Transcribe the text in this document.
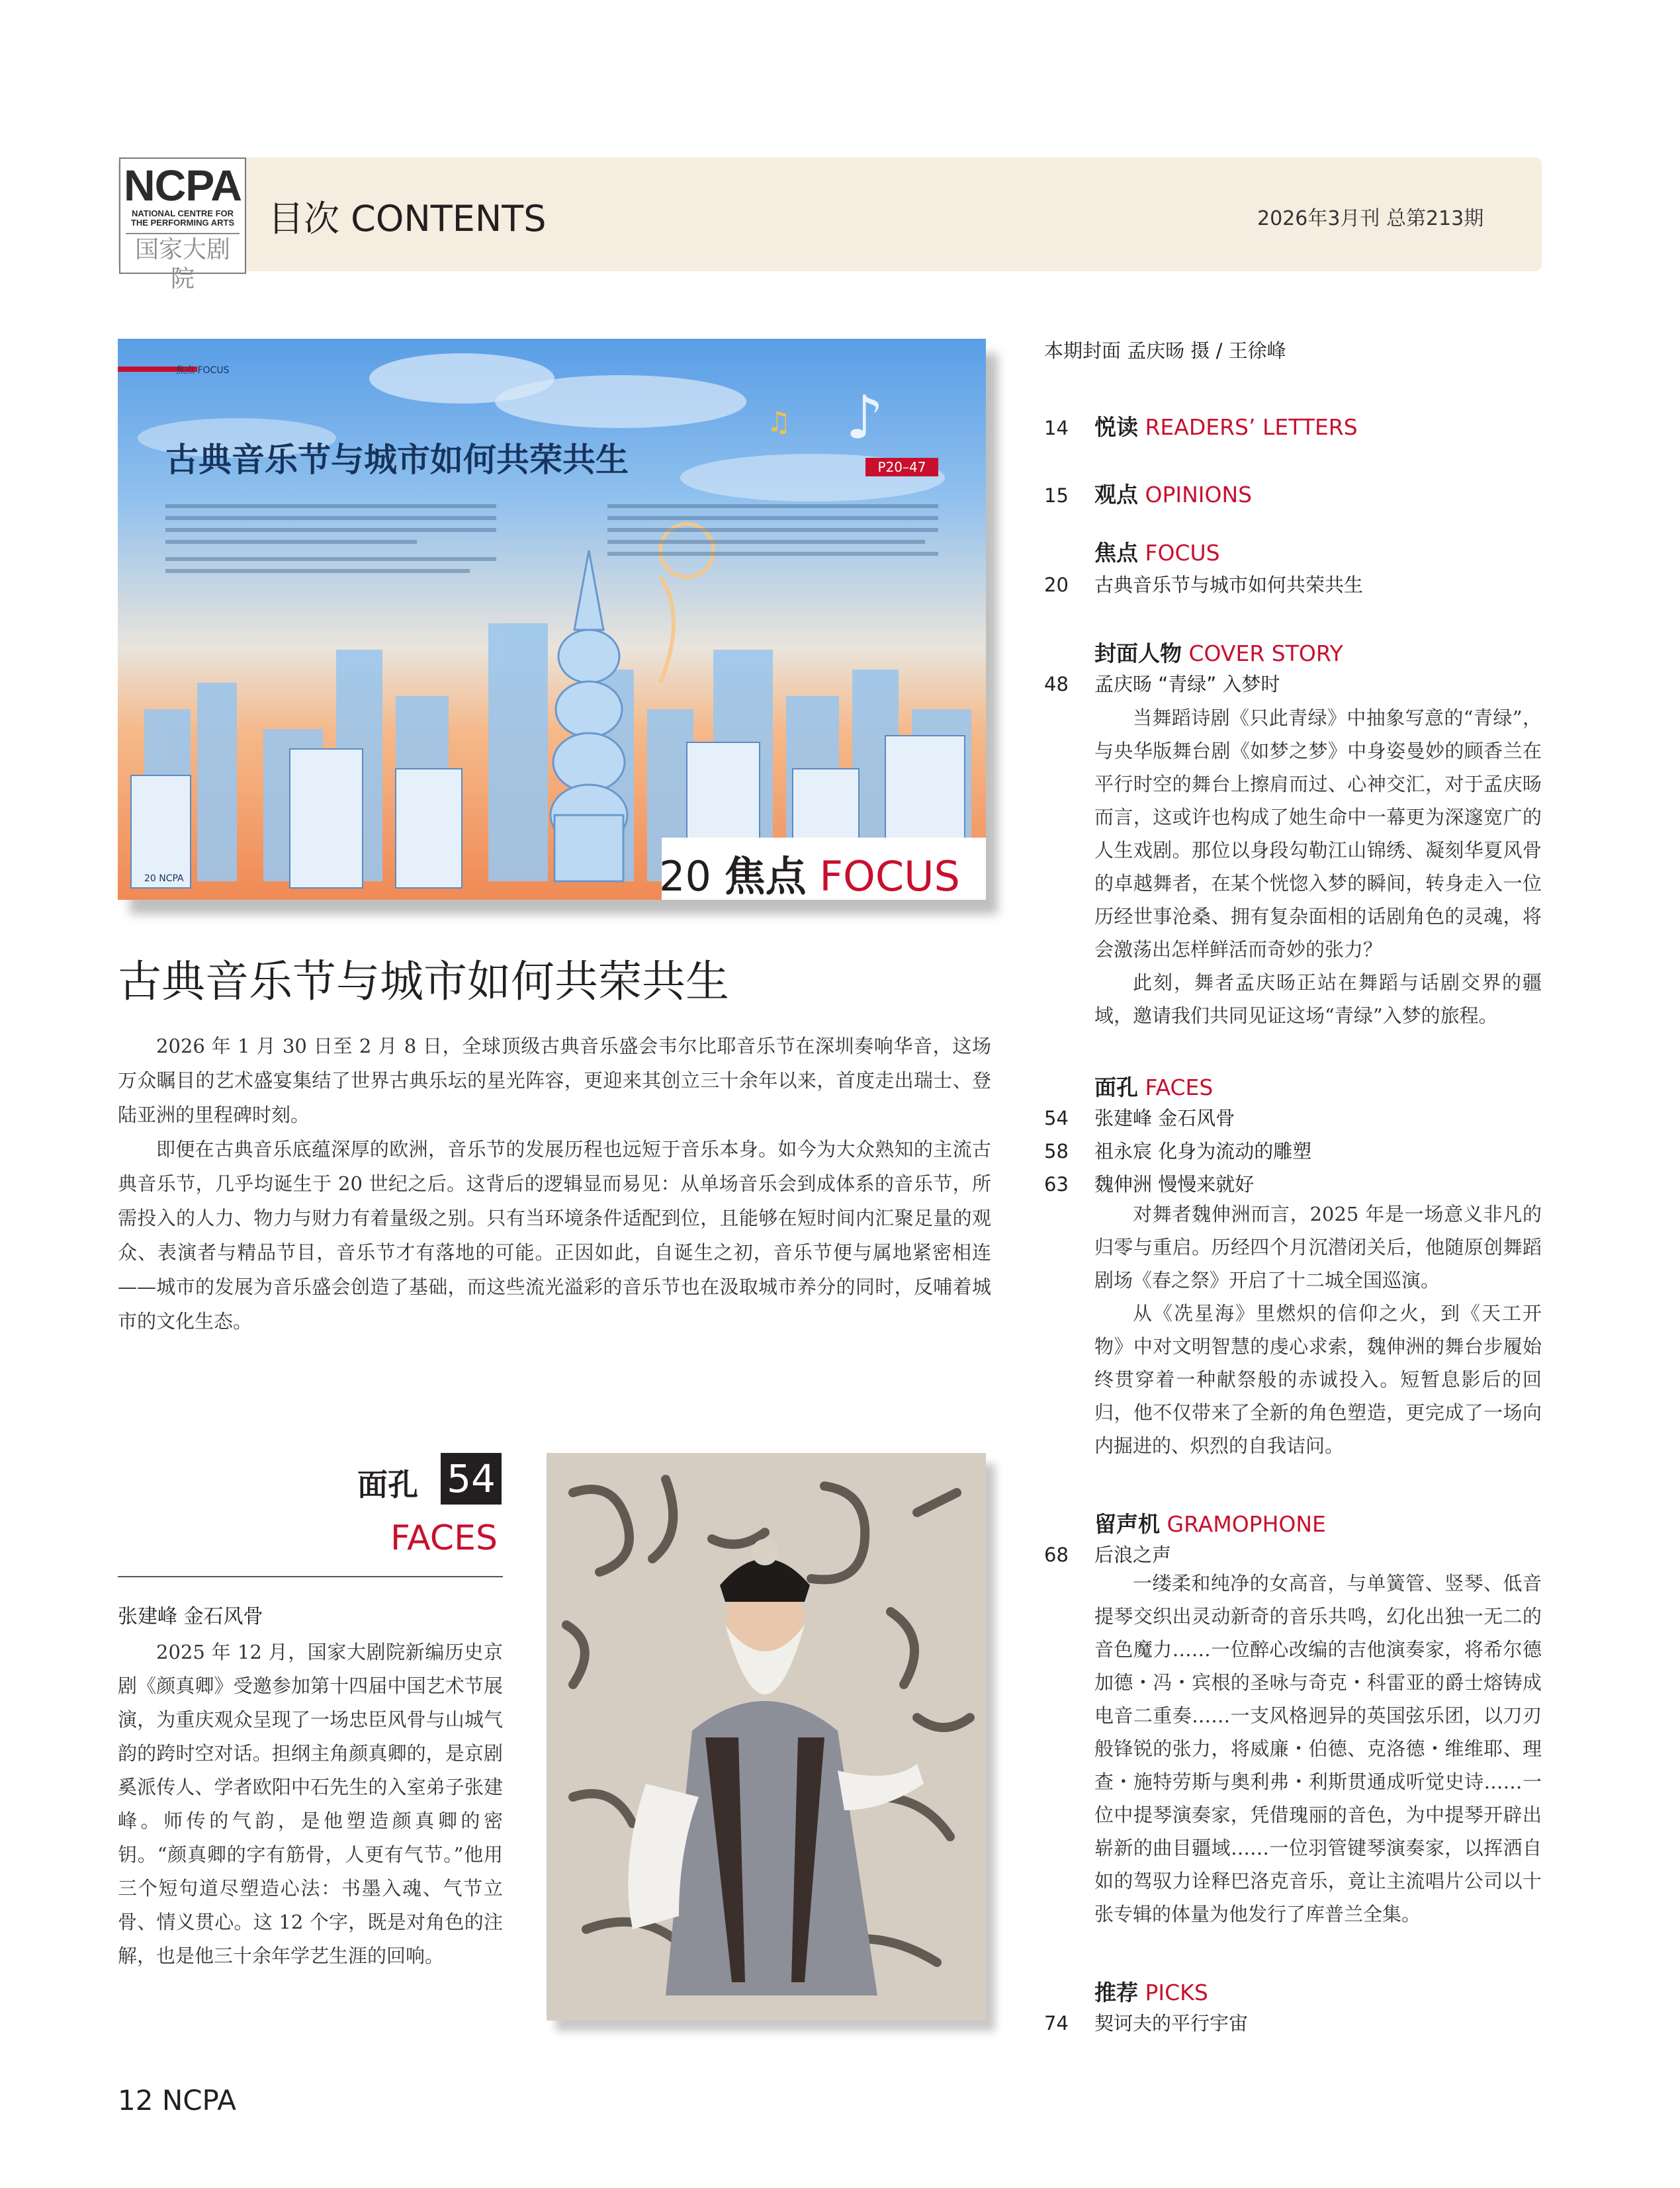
NCPA
NATIONAL CENTRE FOR
THE PERFORMING ARTS
国家大剧院
目次 CONTENTS	2026年3月刊 总第213期
♪
♫
古典音乐节与城市如何共荣共生	P20–47
焦点 FOCUS
20 NCPA	20 焦点 FOCUS
古典音乐节与城市如何共荣共生

2026 年 1 月 30 日至 2 月 8 日，全球顶级古典音乐盛会韦尔比耶音乐节在深圳奏响华音，这场万众瞩目的艺术盛宴集结了世界古典乐坛的星光阵容，更迎来其创立三十余年以来，首度走出瑞士、登陆亚洲的里程碑时刻。

即便在古典音乐底蕴深厚的欧洲，音乐节的发展历程也远短于音乐本身。如今为大众熟知的主流古典音乐节，几乎均诞生于 20 世纪之后。这背后的逻辑显而易见：从单场音乐会到成体系的音乐节，所需投入的人力、物力与财力有着量级之别。只有当环境条件适配到位，且能够在短时间内汇聚足量的观众、表演者与精品节目，音乐节才有落地的可能。正因如此，自诞生之初，音乐节便与属地紧密相连——城市的发展为音乐盛会创造了基础，而这些流光溢彩的音乐节也在汲取城市养分的同时，反哺着城市的文化生态。

面孔 54
FACES
张建峰 金石风骨

2025 年 12 月，国家大剧院新编历史京剧《颜真卿》受邀参加第十四届中国艺术节展演，为重庆观众呈现了一场忠臣风骨与山城气韵的跨时空对话。担纲主角颜真卿的，是京剧奚派传人、学者欧阳中石先生的入室弟子张建峰。师传的气韵，是他塑造颜真卿的密钥。“颜真卿的字有筋骨，人更有气节。”他用三个短句道尽塑造心法：书墨入魂、气节立骨、情义贯心。这 12 个字，既是对角色的注解，也是他三十余年学艺生涯的回响。

12 NCPA
本期封面 孟庆旸 摄 / 王徐峰
14 悦读 READERS’ LETTERS
15 观点 OPINIONS
焦点 FOCUS
20 古典音乐节与城市如何共荣共生
封面人物 COVER STORY
48 孟庆旸 “青绿” 入梦时

当舞蹈诗剧《只此青绿》中抽象写意的“青绿”，与央华版舞台剧《如梦之梦》中身姿曼妙的顾香兰在平行时空的舞台上擦肩而过、心神交汇，对于孟庆旸而言，这或许也构成了她生命中一幕更为深邃宽广的人生戏剧。那位以身段勾勒江山锦绣、凝刻华夏风骨的卓越舞者，在某个恍惚入梦的瞬间，转身走入一位历经世事沧桑、拥有复杂面相的话剧角色的灵魂，将会激荡出怎样鲜活而奇妙的张力？

此刻，舞者孟庆旸正站在舞蹈与话剧交界的疆域，邀请我们共同见证这场“青绿”入梦的旅程。

面孔 FACES
54 张建峰 金石风骨
58 祖永宸 化身为流动的雕塑
63 魏伸洲 慢慢来就好

对舞者魏伸洲而言，2025 年是一场意义非凡的归零与重启。历经四个月沉潜闭关后，他随原创舞蹈剧场《春之祭》开启了十二城全国巡演。

从《冼星海》里燃炽的信仰之火，到《天工开物》中对文明智慧的虔心求索，魏伸洲的舞台步履始终贯穿着一种献祭般的赤诚投入。短暂息影后的回归，他不仅带来了全新的角色塑造，更完成了一场向内掘进的、炽烈的自我诘问。

留声机 GRAMOPHONE
68 后浪之声

一缕柔和纯净的女高音，与单簧管、竖琴、低音提琴交织出灵动新奇的音乐共鸣，幻化出独一无二的音色魔力……一位醉心改编的吉他演奏家，将希尔德加德・冯・宾根的圣咏与奇克・科雷亚的爵士熔铸成电音二重奏……一支风格迥异的英国弦乐团，以刀刃般锋锐的张力，将威廉・伯德、克洛德・维维耶、理查・施特劳斯与奥利弗・利斯贯通成听觉史诗……一位中提琴演奏家，凭借瑰丽的音色，为中提琴开辟出崭新的曲目疆域……一位羽管键琴演奏家，以挥洒自如的驾驭力诠释巴洛克音乐，竟让主流唱片公司以十张专辑的体量为他发行了库普兰全集。

推荐 PICKS
74 契诃夫的平行宇宙
